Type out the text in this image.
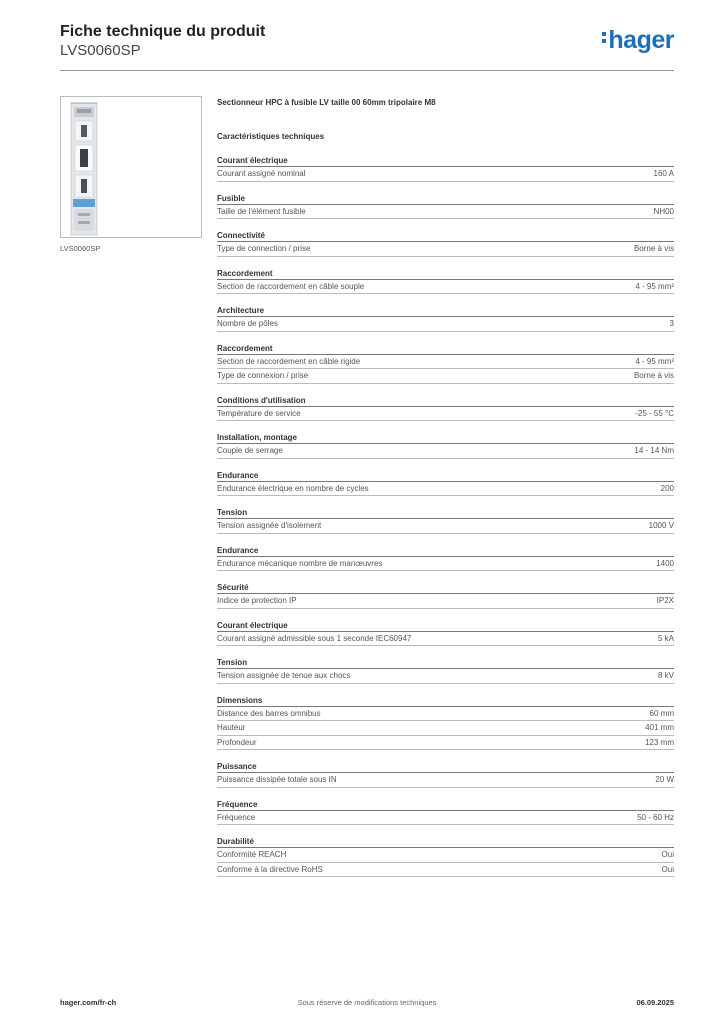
Fiche technique du produit
LVS0060SP	hager
LVS0060SP
Sectionneur HPC à fusible LV taille 00 60mm tripolaire M8
Caractéristiques techniques
Courant électrique
Courant assigné nominal	160 A
Fusible
Taille de l'élément fusible	NH00
Connectivité
Type de connection / prise	Borne à vis
Raccordement
Section de raccordement en câble souple	4 - 95 mm²
Architecture
Nombre de pôles	3
Raccordement
Section de raccordement en câble rigide	4 - 95 mm²
Type de connexion / prise	Borne à vis
Conditions d'utilisation
Température de service	-25 - 55 °C
Installation, montage
Couple de serrage	14 - 14 Nm
Endurance
Endurance électrique en nombre de cycles	200
Tension
Tension assignée d'isolement	1000 V
Endurance
Endurance mécanique nombre de manœuvres	1400
Sécurité
Indice de protection IP	IP2X
Courant électrique
Courant assigné admissible sous 1 seconde IEC60947	5 kA
Tension
Tension assignée de tenue aux chocs	8 kV
Dimensions
Distance des barres omnibus	60 mm
Hauteur	401 mm
Profondeur	123 mm
Puissance
Puissance dissipée totale sous IN	20 W
Fréquence
Fréquence	50 - 60 Hz
Durabilité
Conformité REACH	Oui
Conforme à la directive RoHS	Oui
hager.com/fr-ch	Sous réserve de modifications techniques	06.09.2025
